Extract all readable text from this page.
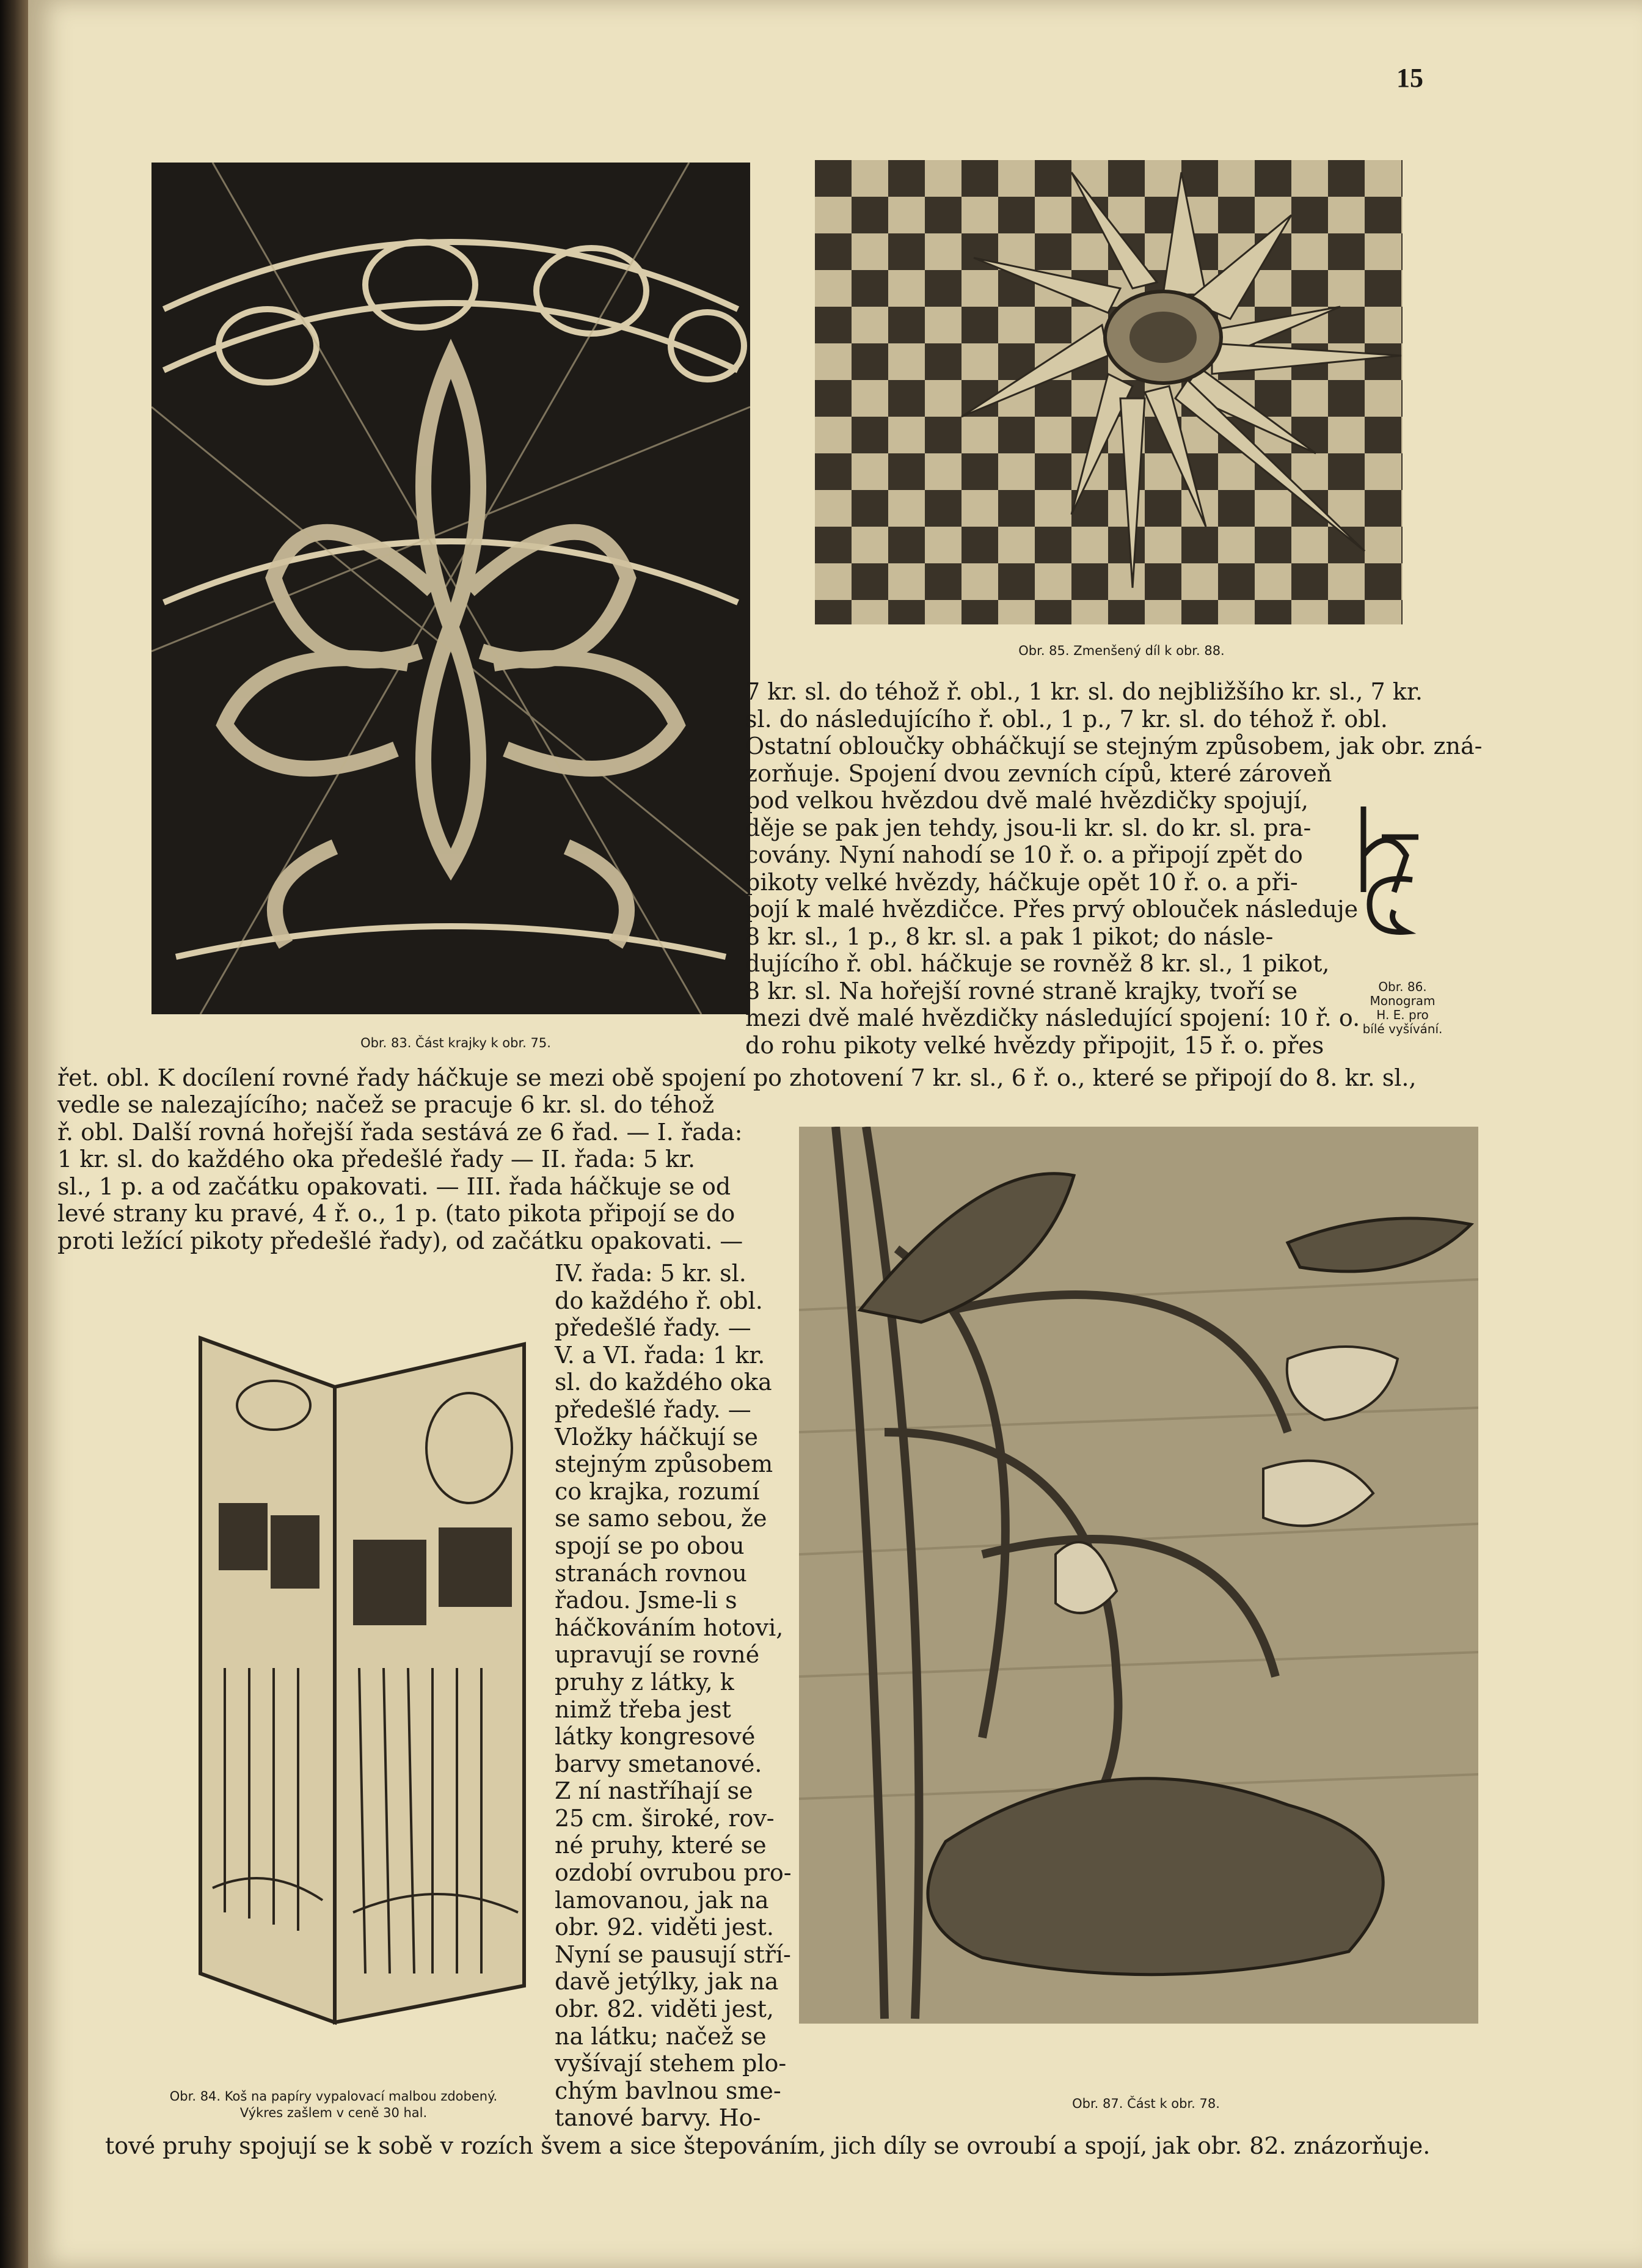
15
Obr. 83. Část krajky k obr. 75.
Obr. 85. Zmenšený díl k obr. 88.
7 kr. sl. do téhož ř. obl., 1 kr. sl. do nejbližšího kr. sl., 7 kr.
sl. do následujícího ř. obl., 1 p., 7 kr. sl. do téhož ř. obl.
Ostatní obloučky obháčkují se stejným způsobem, jak obr. zná-
zorňuje. Spojení dvou zevních cípů, které zároveň
pod velkou hvězdou dvě malé hvězdičky spojují,
děje se pak jen tehdy, jsou-li kr. sl. do kr. sl. pra-
covány. Nyní nahodí se 10 ř. o. a připojí zpět do
pikoty velké hvězdy, háčkuje opět 10 ř. o. a při-
pojí k malé hvězdičce. Přes prvý oblouček následuje
8 kr. sl., 1 p., 8 kr. sl. a pak 1 pikot; do násle-
dujícího ř. obl. háčkuje se rovněž 8 kr. sl., 1 pikot,
8 kr. sl. Na hořejší rovné straně krajky, tvoří se
mezi dvě malé hvězdičky následující spojení: 10 ř. o.
do rohu pikoty velké hvězdy připojit, 15 ř. o. přes
Obr. 86.
Monogram
H. E. pro
bílé vyšívání.
řet. obl. K docílení rovné řady háčkuje se mezi obě spojení po zhotovení 7 kr. sl., 6 ř. o., které se připojí do 8. kr. sl.,
vedle se nalezajícího; načež se pracuje 6 kr. sl. do téhož
ř. obl. Další rovná hořejší řada sestává ze 6 řad. — I. řada:
1 kr. sl. do každého oka předešlé řady — II. řada: 5 kr.
sl., 1 p. a od začátku opakovati. — III. řada háčkuje se od
levé strany ku pravé, 4 ř. o., 1 p. (tato pikota připojí se do
proti ležící pikoty předešlé řady), od začátku opakovati. —
Obr. 84. Koš na papíry vypalovací malbou zdobený.
Výkres zašlem v ceně 30 hal.
IV. řada: 5 kr. sl.
do každého ř. obl.
předešlé řady. —
V. a VI. řada: 1 kr.
sl. do každého oka
předešlé řady. —
Vložky háčkují se
stejným způsobem
co krajka, rozumí
se samo sebou, že
spojí se po obou
stranách rovnou
řadou. Jsme-li s
háčkováním hotovi,
upravují se rovné
pruhy z látky, k
nimž třeba jest
látky kongresové
barvy smetanové.
Z ní nastříhají se
25 cm. široké, rov-
né pruhy, které se
ozdobí ovrubou pro-
lamovanou, jak na
obr. 92. viděti jest.
Nyní se pausují stří-
davě jetýlky, jak na
obr. 82. viděti jest,
na látku; načež se
vyšívají stehem plo-
chým bavlnou sme-
tanové barvy. Ho-
Obr. 87. Část k obr. 78.
tové pruhy spojují se k sobě v rozích švem a sice štepováním, jich díly se ovroubí a spojí, jak obr. 82. znázorňuje.
